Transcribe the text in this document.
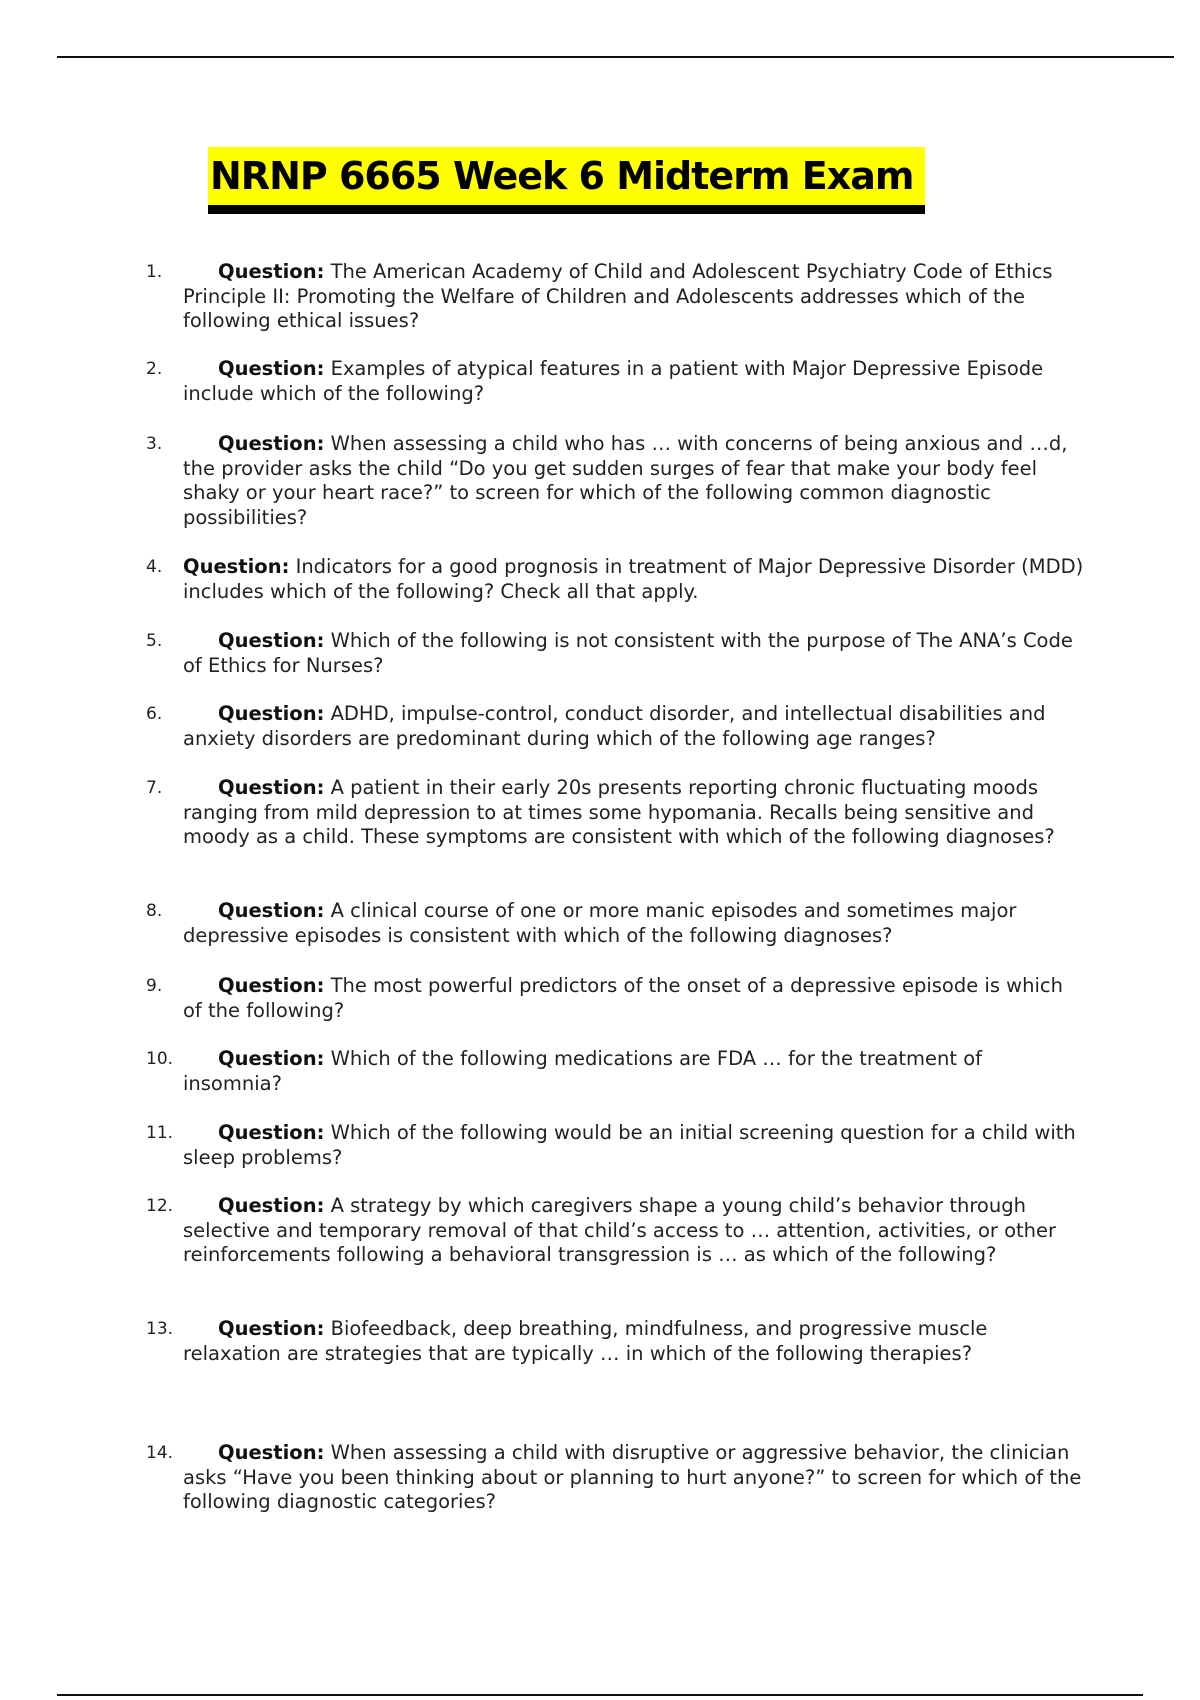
NRNP 6665 Week 6 Midterm Exam
1.	Question: The American Academy of Child and Adolescent Psychiatry Code of Ethics Principle II: Promoting the Welfare of Children and Adolescents addresses which of the following ethical issues?
2.	Question: Examples of atypical features in a patient with Major Depressive Episode include which of the following?
3.	Question: When assessing a child who has … with concerns of being anxious and …d, the provider asks the child “Do you get sudden surges of fear that make your body feel shaky or your heart race?” to screen for which of the following common diagnostic possibilities?
4.	Question: Indicators for a good prognosis in treatment of Major Depressive Disorder (MDD) includes which of the following? Check all that apply.
5.	Question: Which of the following is not consistent with the purpose of The ANA’s Code of Ethics for Nurses?
6.	Question: ADHD, impulse-control, conduct disorder, and intellectual disabilities and anxiety disorders are predominant during which of the following age ranges?
7.	Question: A patient in their early 20s presents reporting chronic fluctuating moods ranging from mild depression to at times some hypomania. Recalls being sensitive and moody as a child. These symptoms are consistent with which of the following diagnoses?
8.	Question: A clinical course of one or more manic episodes and sometimes major depressive episodes is consistent with which of the following diagnoses?
9.	Question: The most powerful predictors of the onset of a depressive episode is which of the following?
10.	Question: Which of the following medications are FDA … for the treatment of insomnia?
11.	Question: Which of the following would be an initial screening question for a child with sleep problems?
12.	Question: A strategy by which caregivers shape a young child’s behavior through selective and temporary removal of that child’s access to … attention, activities, or other reinforcements following a behavioral transgression is … as which of the following?
13.	Question: Biofeedback, deep breathing, mindfulness, and progressive muscle relaxation are strategies that are typically … in which of the following therapies?
14.	Question: When assessing a child with disruptive or aggressive behavior, the clinician asks “Have you been thinking about or planning to hurt anyone?” to screen for which of the following diagnostic categories?
